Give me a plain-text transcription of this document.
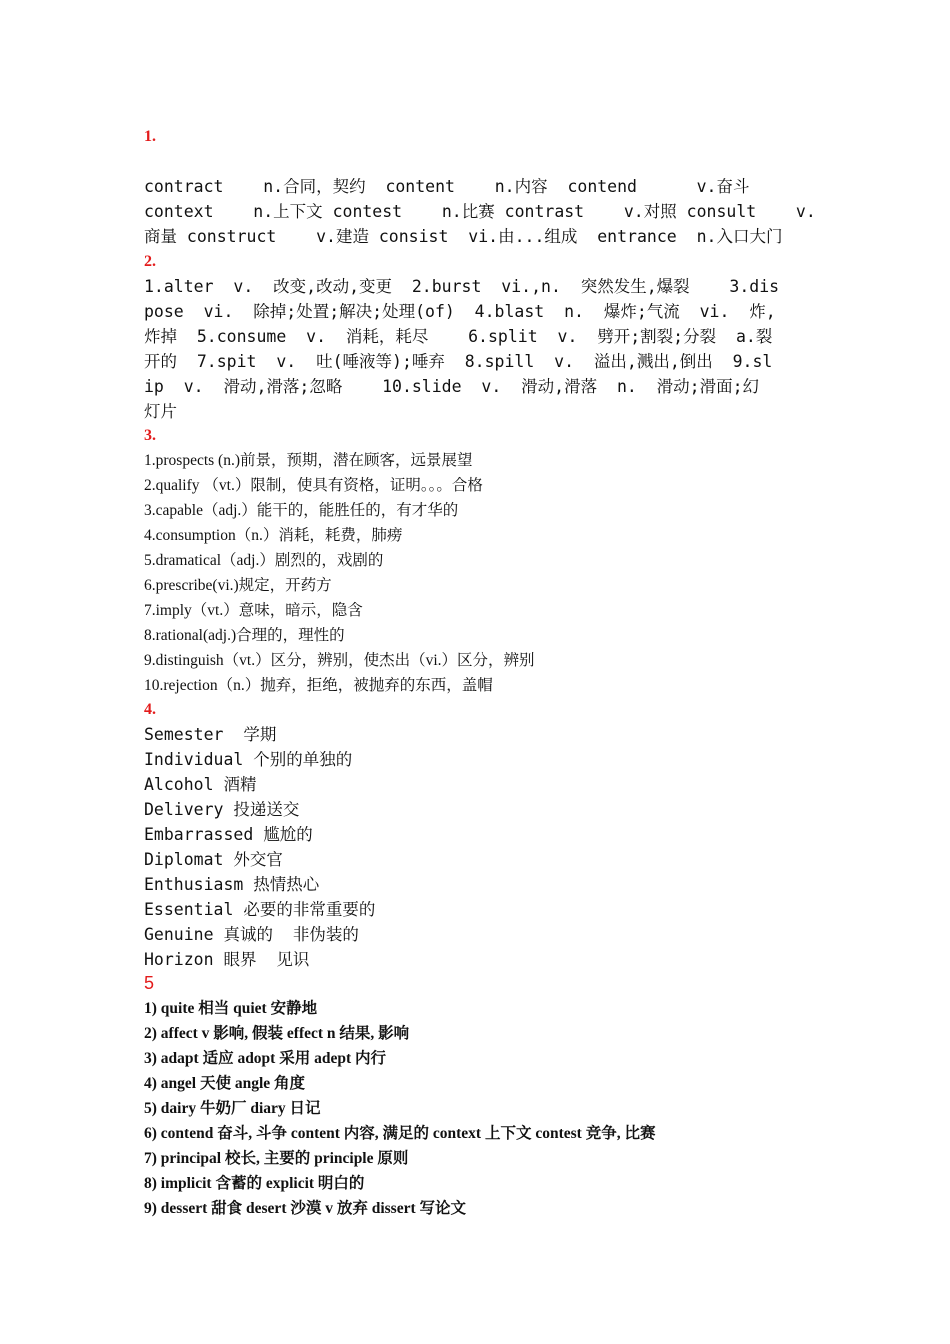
1.
contract    n.合同，契约  content    n.内容  contend      v.奋斗
context    n.上下文 contest    n.比赛 contrast    v.对照 consult    v.
商量 construct    v.建造 consist  vi.由...组成  entrance  n.入口大门
2.
1.alter  v.  改变,改动,变更  2.burst  vi.,n.  突然发生,爆裂    3.dis
pose  vi.  除掉;处置;解决;处理(of)  4.blast  n.  爆炸;气流  vi.  炸,
炸掉  5.consume  v.  消耗，耗尽    6.split  v.  劈开;割裂;分裂  a.裂
开的  7.spit  v.  吐(唾液等);唾弃  8.spill  v.  溢出,溅出,倒出  9.sl
ip  v.  滑动,滑落;忽略    10.slide  v.  滑动,滑落  n.  滑动;滑面;幻
灯片
3.
1.prospects (n.)前景，预期，潜在顾客，远景展望
2.qualify （vt.）限制，使具有资格，证明。。。合格
3.capable（adj.）能干的，能胜任的，有才华的
4.consumption（n.）消耗，耗费，肺痨
5.dramatical（adj.）剧烈的，戏剧的
6.prescribe(vi.)规定，开药方
7.imply（vt.）意味，暗示，隐含
8.rational(adj.)合理的，理性的
9.distinguish（vt.）区分，辨别，使杰出（vi.）区分，辨别
10.rejection（n.）抛弃，拒绝，被抛弃的东西，盖帽
4.
Semester  学期
Individual 个别的单独的
Alcohol 酒精
Delivery 投递送交
Embarrassed 尴尬的
Diplomat 外交官
Enthusiasm 热情热心
Essential 必要的非常重要的
Genuine 真诚的  非伪装的
Horizon 眼界  见识
5
1) quite 相当 quiet 安静地
2) affect v 影响, 假装 effect n 结果, 影响
3) adapt 适应 adopt 采用 adept 内行
4) angel 天使 angle 角度
5) dairy 牛奶厂 diary 日记
6) contend 奋斗, 斗争 content 内容, 满足的 context 上下文 contest 竞争, 比赛
7) principal 校长, 主要的 principle 原则
8) implicit 含蓄的 explicit 明白的
9) dessert 甜食 desert 沙漠 v 放弃 dissert 写论文
